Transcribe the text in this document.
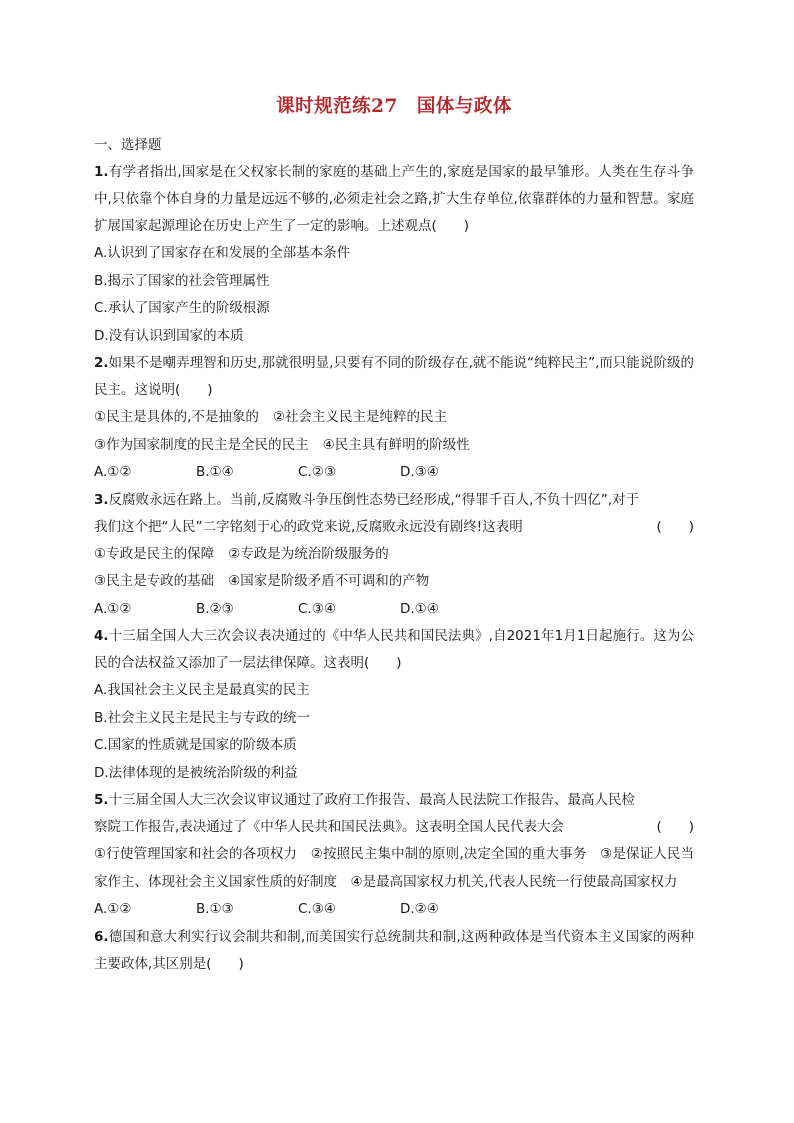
课时规范练27　国体与政体
一、选择题

1.有学者指出,国家是在父权家长制的家庭的基础上产生的,家庭是国家的最早雏形。人类在生存斗争中,只依靠个体自身的力量是远远不够的,必须走社会之路,扩大生存单位,依靠群体的力量和智慧。家庭扩展国家起源理论在历史上产生了一定的影响。上述观点(　　)

A.认识到了国家存在和发展的全部基本条件

B.揭示了国家的社会管理属性

C.承认了国家产生的阶级根源

D.没有认识到国家的本质

2.如果不是嘲弄理智和历史,那就很明显,只要有不同的阶级存在,就不能说“纯粹民主”,而只能说阶级的民主。这说明(　　)

①民主是具体的,不是抽象的 ②社会主义民主是纯粹的民主

③作为国家制度的民主是全民的民主 ④民主具有鲜明的阶级性

A.①②	B.①④	C.②③	D.③④
3.反腐败永远在路上。当前,反腐败斗争压倒性态势已经形成,“得罪千百人,不负十四亿”,对于我们这个把“人民”二字铭刻于心的政党来说,反腐败永远没有剧终!这表明	(　　)

①专政是民主的保障 ②专政是为统治阶级服务的

③民主是专政的基础 ④国家是阶级矛盾不可调和的产物

A.①②	B.②③	C.③④	D.①④

4.十三届全国人大三次会议表决通过的《中华人民共和国民法典》,自2021年1月1日起施行。这为公民的合法权益又添加了一层法律保障。这表明(　　)

A.我国社会主义民主是最真实的民主

B.社会主义民主是民主与专政的统一

C.国家的性质就是国家的阶级本质

D.法律体现的是被统治阶级的利益

5.十三届全国人大三次会议审议通过了政府工作报告、最高人民法院工作报告、最高人民检察院工作报告,表决通过了《中华人民共和国民法典》。这表明全国人民代表大会	(　　)

①行使管理国家和社会的各项权力　②按照民主集中制的原则,决定全国的重大事务　③是保证人民当家作主、体现社会主义国家性质的好制度　④是最高国家权力机关,代表人民统一行使最高国家权力

A.①②	B.①③	C.③④	D.②④

6.德国和意大利实行议会制共和制,而美国实行总统制共和制,这两种政体是当代资本主义国家的两种主要政体,其区别是(　　)
